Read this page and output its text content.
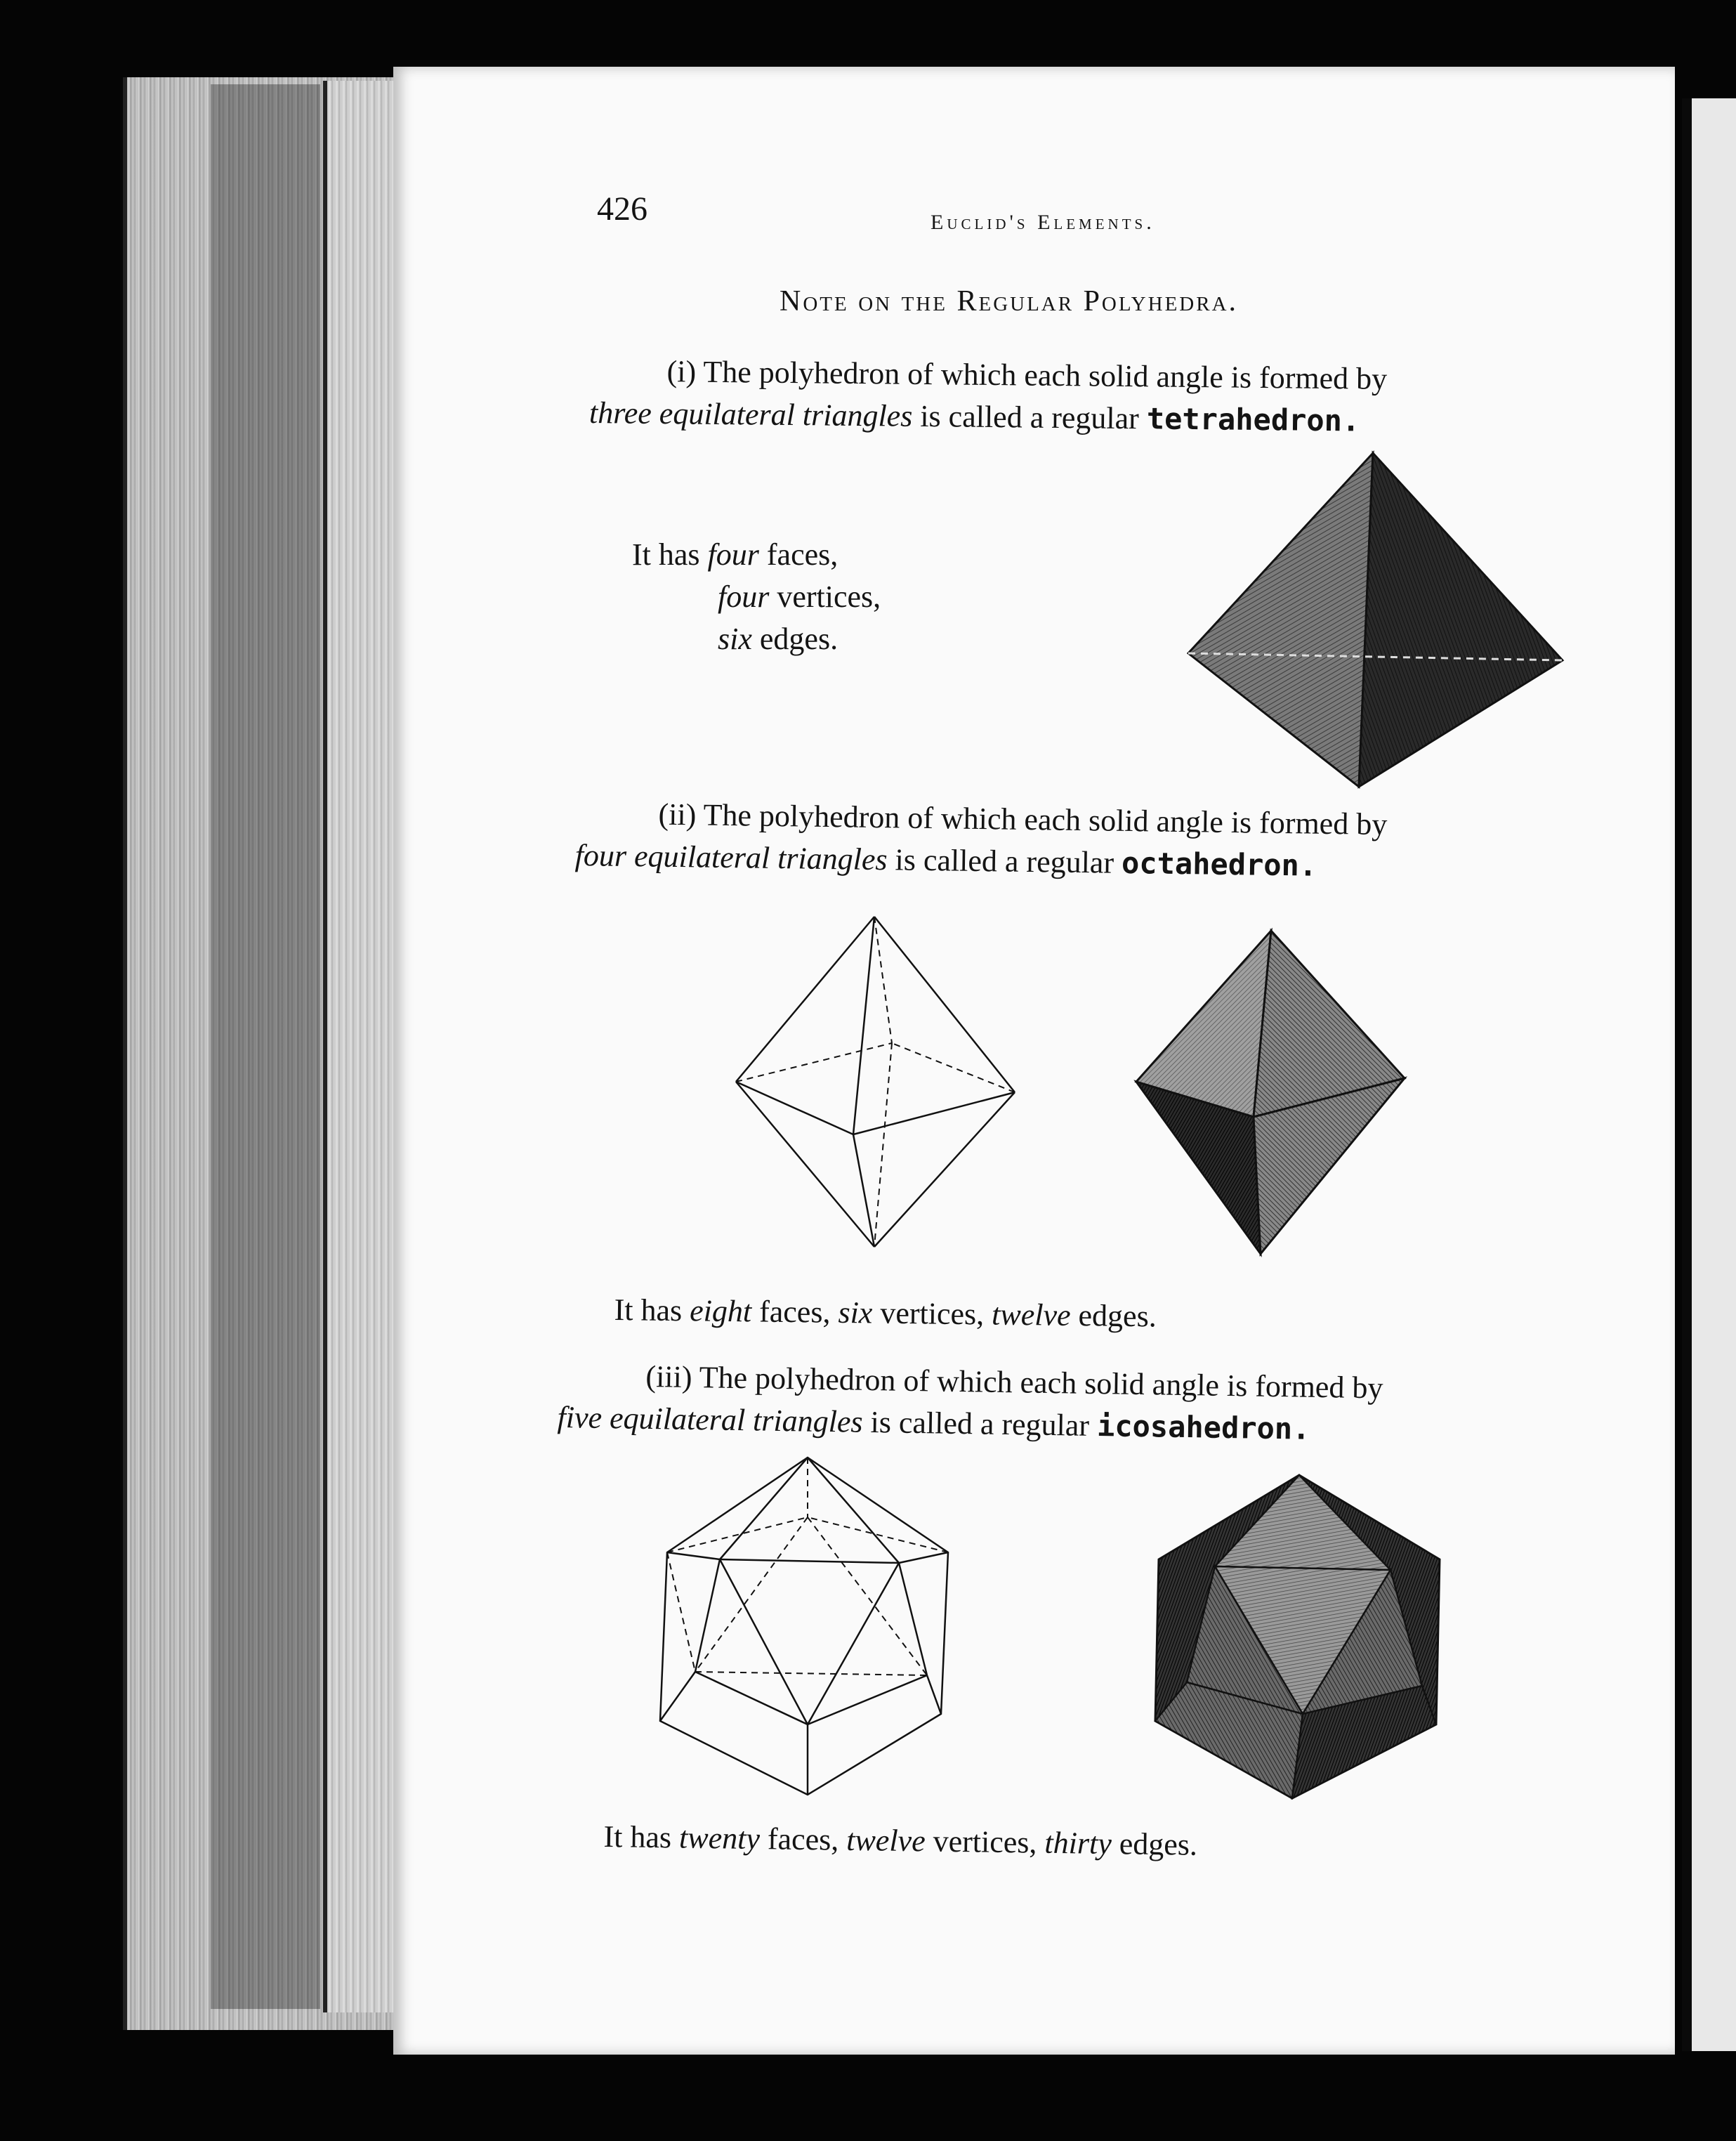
426	Euclid's Elements.
Note on the Regular Polyhedra.
(i) The polyhedron of which each solid angle is formed by
three equilateral triangles is called a regular tetrahedron.
It has four faces,
four vertices,
six edges.
(ii) The polyhedron of which each solid angle is formed by
four equilateral triangles is called a regular octahedron.
It has eight faces, six vertices, twelve edges.
(iii) The polyhedron of which each solid angle is formed by
five equilateral triangles is called a regular icosahedron.
It has twenty faces, twelve vertices, thirty edges.
